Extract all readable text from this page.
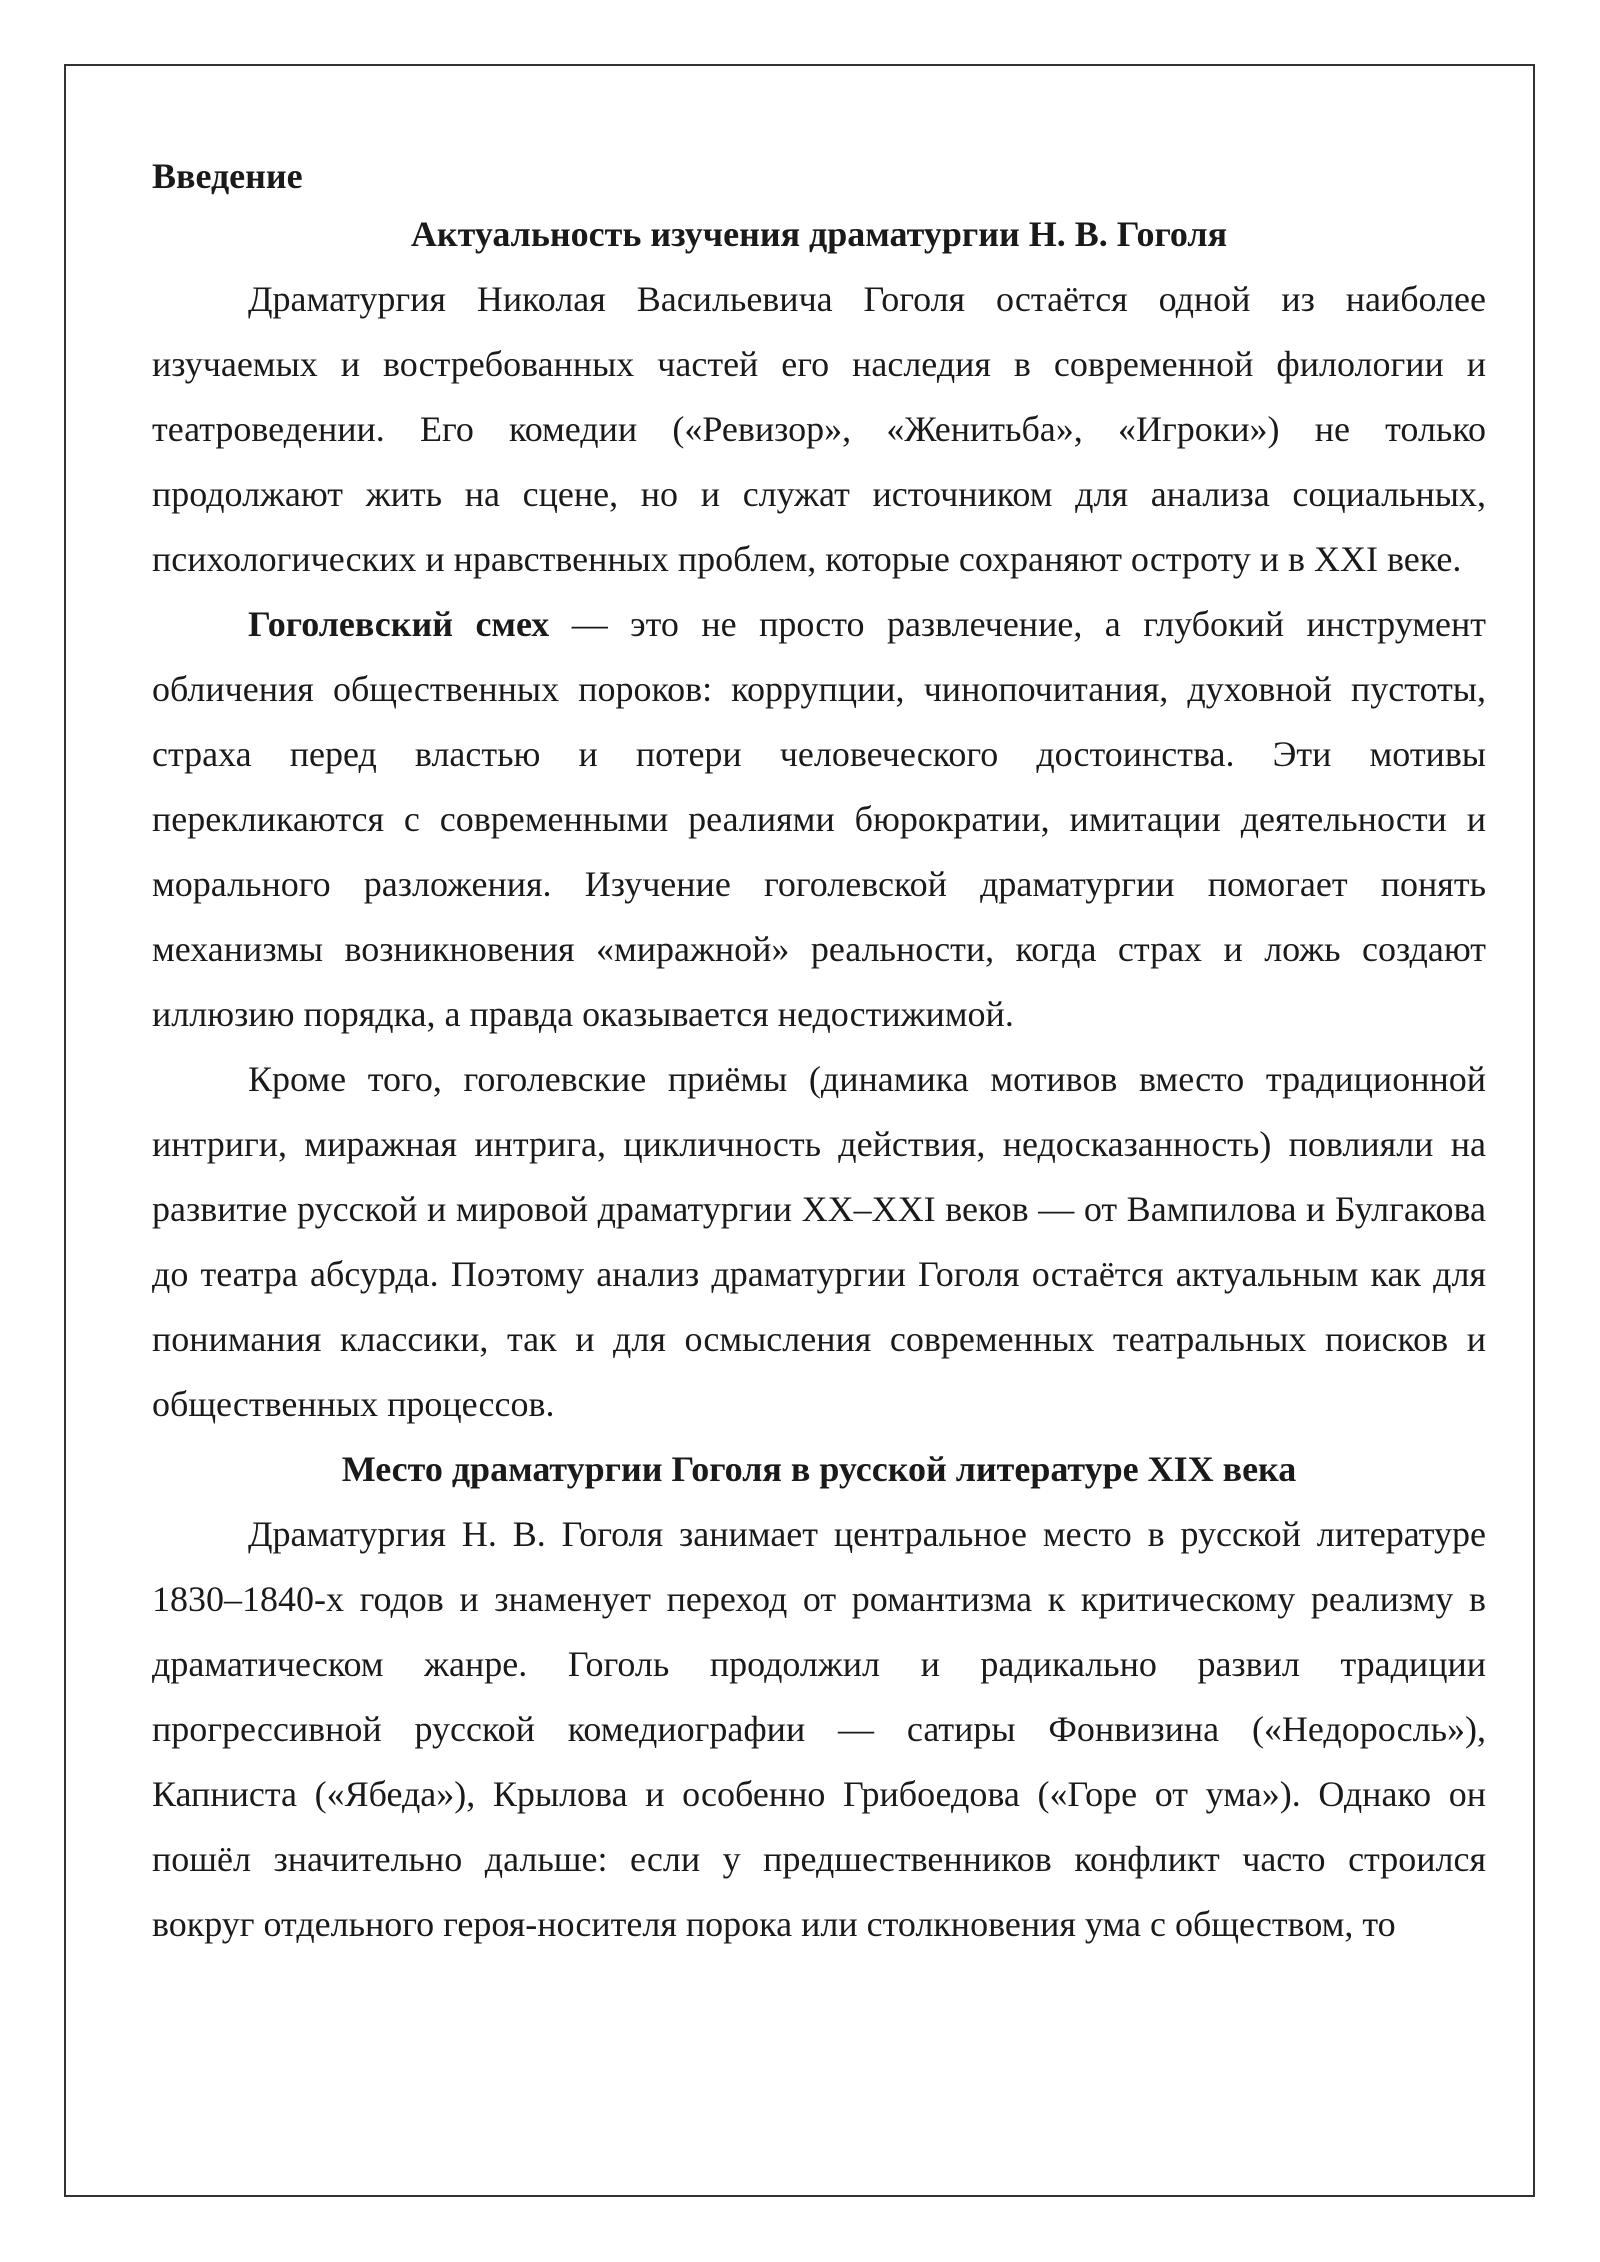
Введение
Актуальность изучения драматургии Н. В. Гоголя

Драматургия Николая Васильевича Гоголя остаётся одной из наиболее изучаемых и востребованных частей его наследия в современной филологии и театроведении. Его комедии («Ревизор», «Женитьба», «Игроки») не только продолжают жить на сцене, но и служат источником для анализа социальных, психологических и нравственных проблем, которые сохраняют остроту и в XXI веке.

Гоголевский смех — это не просто развлечение, а глубокий инструмент обличения общественных пороков: коррупции, чинопочитания, духовной пустоты, страха перед властью и потери человеческого достоинства. Эти мотивы перекликаются с современными реалиями бюрократии, имитации деятельности и морального разложения. Изучение гоголевской драматургии помогает понять механизмы возникновения «миражной» реальности, когда страх и ложь создают иллюзию порядка, а правда оказывается недостижимой.

Кроме того, гоголевские приёмы (динамика мотивов вместо традиционной интриги, миражная интрига, цикличность действия, недосказанность) повлияли на развитие русской и мировой драматургии XX–XXI веков — от Вампилова и Булгакова до театра абсурда. Поэтому анализ драматургии Гоголя остаётся актуальным как для понимания классики, так и для осмысления современных театральных поисков и общественных процессов.

Место драматургии Гоголя в русской литературе XIX века

Драматургия Н. В. Гоголя занимает центральное место в русской литературе 1830–1840-х годов и знаменует переход от романтизма к критическому реализму в драматическом жанре. Гоголь продолжил и радикально развил традиции прогрессивной русской комедиографии — сатиры Фонвизина («Недоросль»), Капниста («Ябеда»), Крылова и особенно Грибоедова («Горе от ума»). Однако он пошёл значительно дальше: если у предшественников конфликт часто строился вокруг отдельного героя-носителя порока или столкновения ума с обществом, то
